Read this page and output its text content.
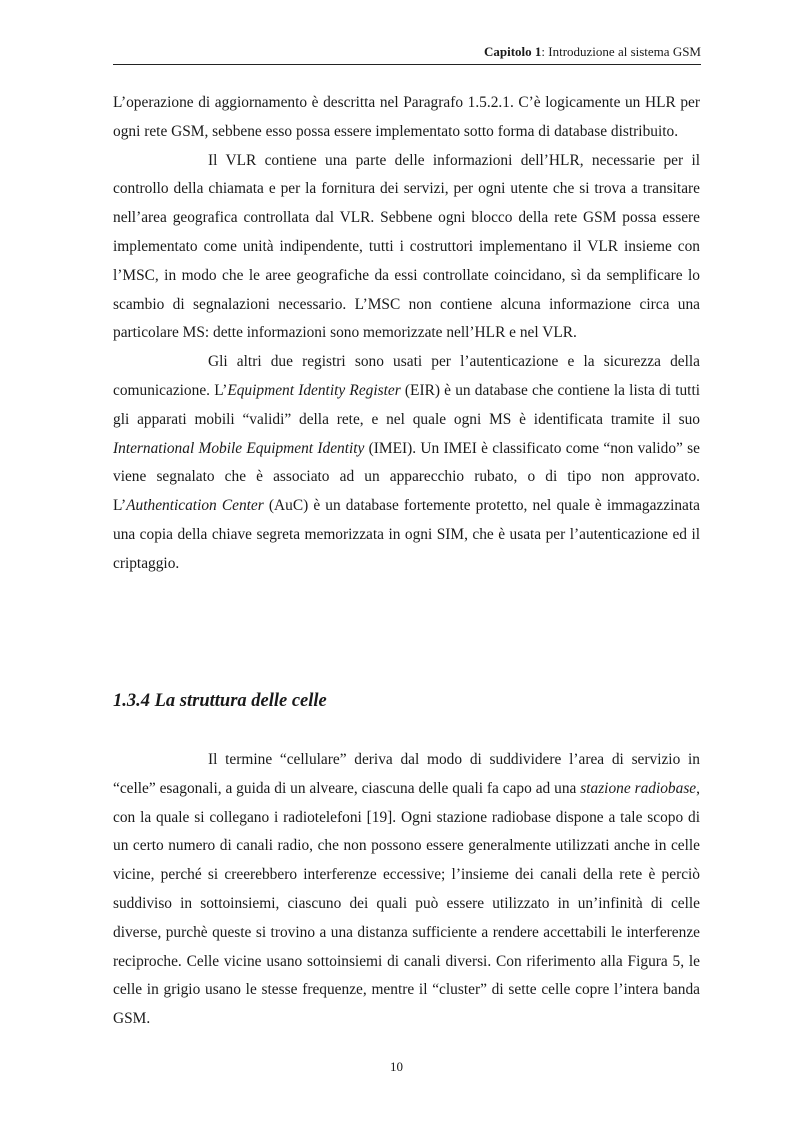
Capitolo 1: Introduzione al sistema GSM

L’operazione di aggiornamento è descritta nel Paragrafo 1.5.2.1. C’è logicamente un HLR per ogni rete GSM, sebbene esso possa essere implementato sotto forma di database distribuito.

Il VLR contiene una parte delle informazioni dell’HLR, necessarie per il controllo della chiamata e per la fornitura dei servizi, per ogni utente che si trova a transitare nell’area geografica controllata dal VLR. Sebbene ogni blocco della rete GSM possa essere implementato come unità indipendente, tutti i costruttori implementano il VLR insieme con l’MSC, in modo che le aree geografiche da essi controllate coincidano, sì da semplificare lo scambio di segnalazioni necessario. L’MSC non contiene alcuna informazione circa una particolare MS: dette informazioni sono memorizzate nell’HLR e nel VLR.

Gli altri due registri sono usati per l’autenticazione e la sicurezza della comunicazione. L’Equipment Identity Register (EIR) è un database che contiene la lista di tutti gli apparati mobili “validi” della rete, e nel quale ogni MS è identificata tramite il suo International Mobile Equipment Identity (IMEI). Un IMEI è classificato come “non valido” se viene segnalato che è associato ad un apparecchio rubato, o di tipo non approvato. L’Authentication Center (AuC) è un database fortemente protetto, nel quale è immagazzinata una copia della chiave segreta memorizzata in ogni SIM, che è usata per l’autenticazione ed il criptaggio.

1.3.4 La struttura delle celle

Il termine “cellulare” deriva dal modo di suddividere l’area di servizio in “celle” esagonali, a guida di un alveare, ciascuna delle quali fa capo ad una stazione radiobase, con la quale si collegano i radiotelefoni [19]. Ogni stazione radiobase dispone a tale scopo di un certo numero di canali radio, che non possono essere generalmente utilizzati anche in celle vicine, perché si creerebbero interferenze eccessive; l’insieme dei canali della rete è perciò suddiviso in sottoinsiemi, ciascuno dei quali può essere utilizzato in un’infinità di celle diverse, purchè queste si trovino a una distanza sufficiente a rendere accettabili le interferenze reciproche. Celle vicine usano sottoinsiemi di canali diversi. Con riferimento alla Figura 5, le celle in grigio usano le stesse frequenze, mentre il “cluster” di sette celle copre l’intera banda GSM.

10
